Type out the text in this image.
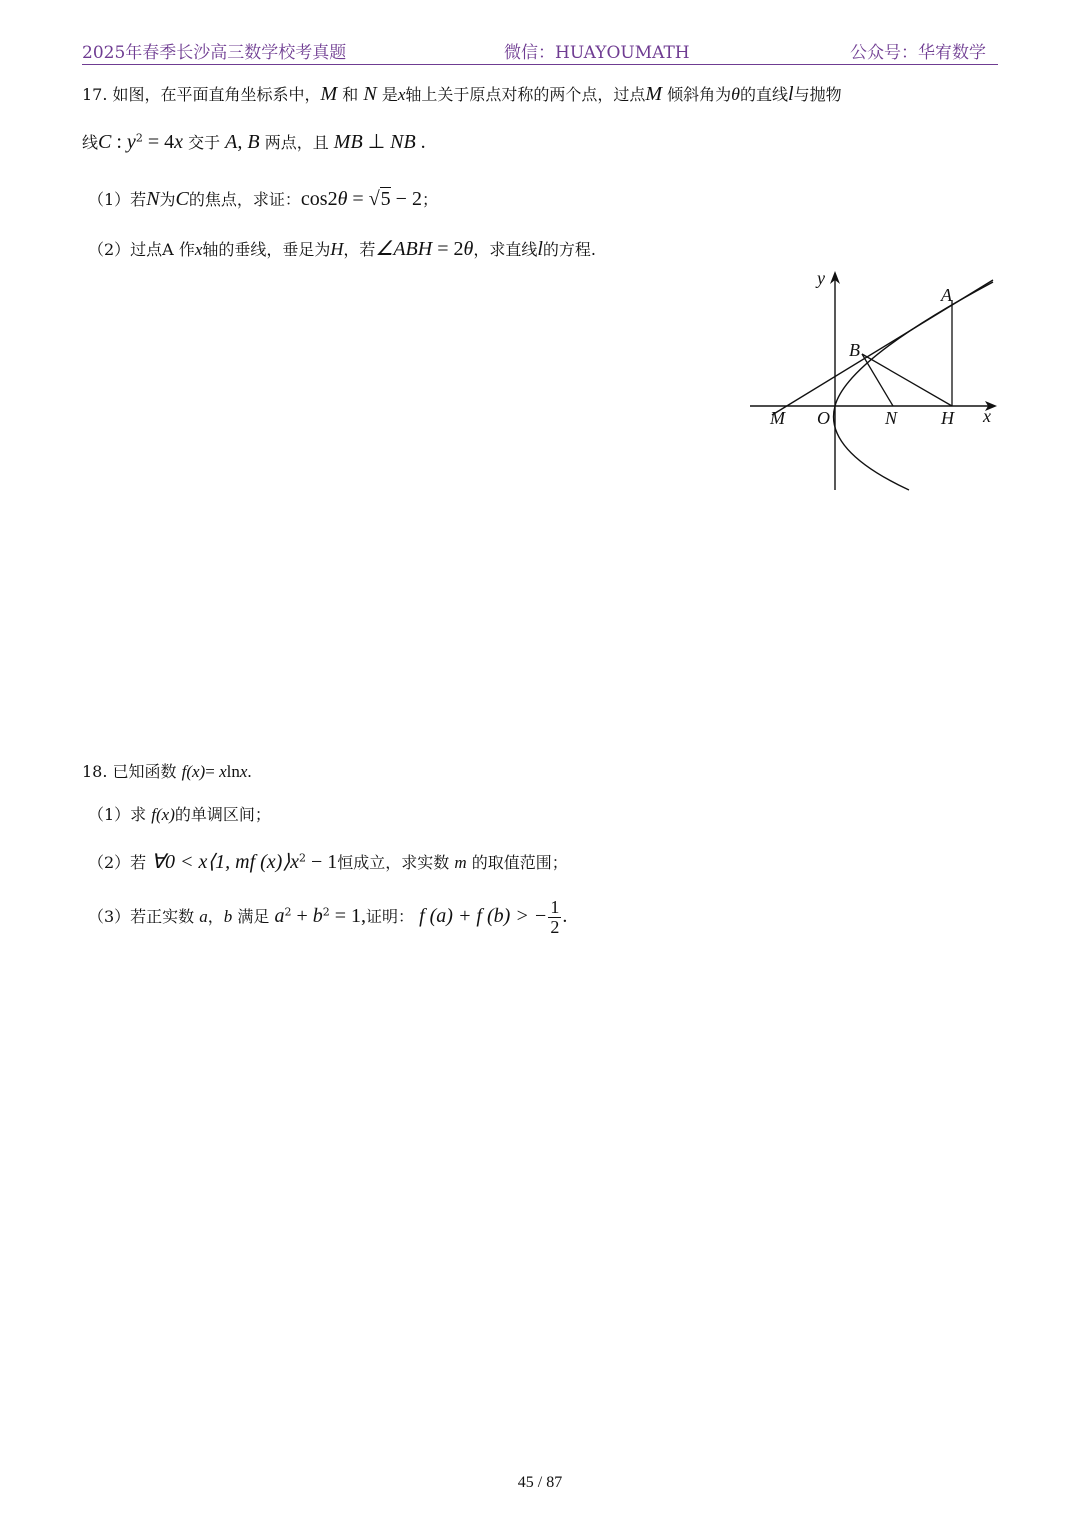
2025年春季长沙高三数学校考真题	微信：HUAYOUMATH	公众号：华宥数学
17. 如图，在平面直角坐标系中，M 和 N 是x轴上关于原点对称的两个点，过点M 倾斜角为θ的直线l与抛物
线C : $y^2 = 4x$ 交于 A, B 两点，且 MB ⊥ NB .
（1）若N为C的焦点，求证：cos2θ = √5 − 2；
（2）过点A 作x轴的垂线，垂足为H，若∠ABH = 2θ，求直线l的方程.
y
x
A
B
M O	N H
18. 已知函数 f(x)= xlnx.
（1）求 f(x)的单调区间；
（2）若 ∀0 < x⟨1, mf $(x)⟩x^2 - 1$恒成立，求实数 m 的取值范围；
（3）若正实数 a，b 满足 $a^2 + b^2 = 1$,证明： f (a) + f (b) > − $\frac{1}{2}$ .
45 / 87
